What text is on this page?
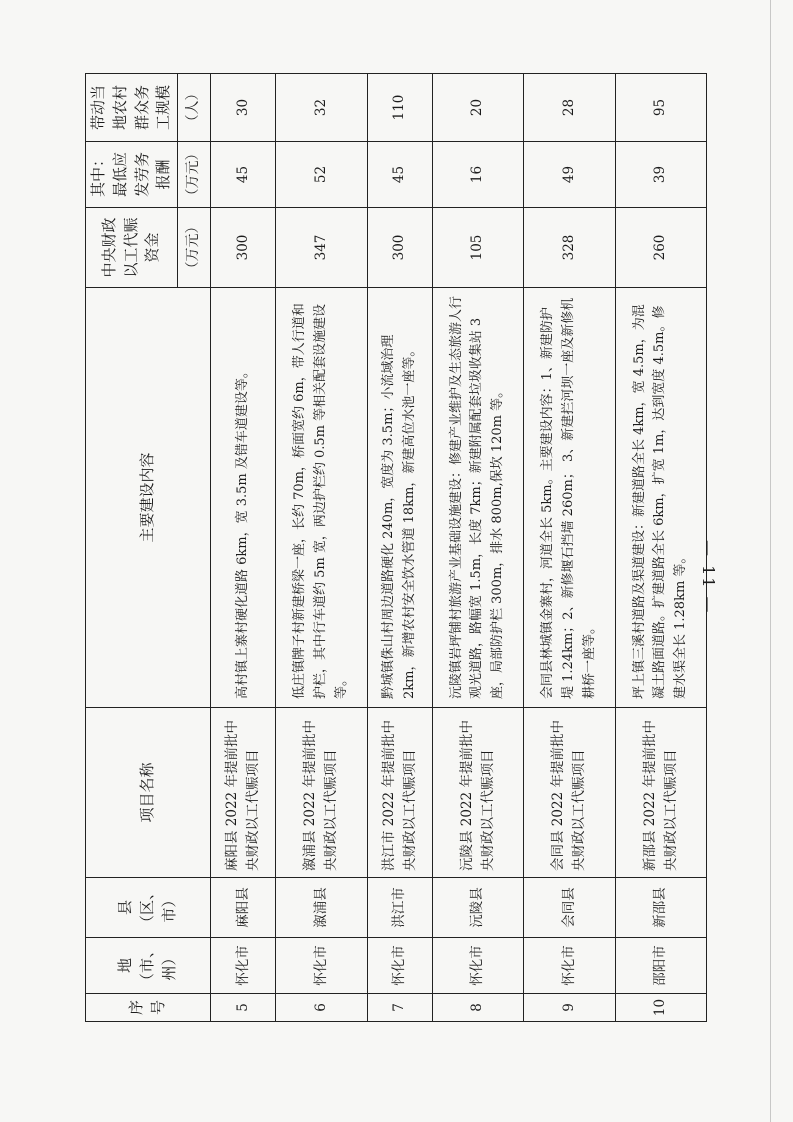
序号	地（市、州）	县（区、市）	项目名称	主要建设内容	中央财政以工代赈资金	其中：最低应发劳务报酬	带动当地农村群众务工规模
					（万元）	（万元）	（人）
5	怀化市	麻阳县	麻阳县 2022 年提前批中央财政以工代赈项目	高村镇上寨村硬化道路 6km，宽 3.5m 及错车道建设等。	300	45	30
6	怀化市	溆浦县	溆浦县 2022 年提前批中央财政以工代赈项目	低庄镇牌子村新建桥梁一座，长约 70m，桥面宽约 6m，带人行道和护栏，其中行车道约 5m 宽，两边护栏约 0.5m 等相关配套设施建设等。	347	52	32
7	怀化市	洪江市	洪江市 2022 年提前批中央财政以工代赈项目	黔城镇侏山村周边道路硬化 240m，宽度为 3.5m；小流域治理 2km，新增农村安全饮水管道 18km，新建高位水池一座等。	300	45	110
8	怀化市	沅陵县	沅陵县 2022 年提前批中央财政以工代赈项目	沅陵镇岩坪铺村旅游产业基础设施建设：修建产业维护及生态旅游人行观光道路，路幅宽 1.5m，长度 7km；新建附属配套垃圾收集站 3 座，局部防护栏 300m，排水 800m,保坎 120m 等。	105	16	20
9	怀化市	会同县	会同县 2022 年提前批中央财政以工代赈项目	会同县林城镇金寨村，河道全长 5km。主要建设内容：1、新建防护堤 1.24km；2、新修堰石挡墙 260m； 3、新建拦河坝一座及新修机耕桥一座等。	328	49	28
10	邵阳市	新邵县	新邵县 2022 年提前批中央财政以工代赈项目	坪上镇三溪村道路及渠道建设：新建道路全长 4km，宽 4.5m，为混凝土路面道路。扩建道路全长 6km，扩宽 1m，达到宽度 4.5m。修建水渠全长 1.28km 等。	260	39	95
— 11 —
